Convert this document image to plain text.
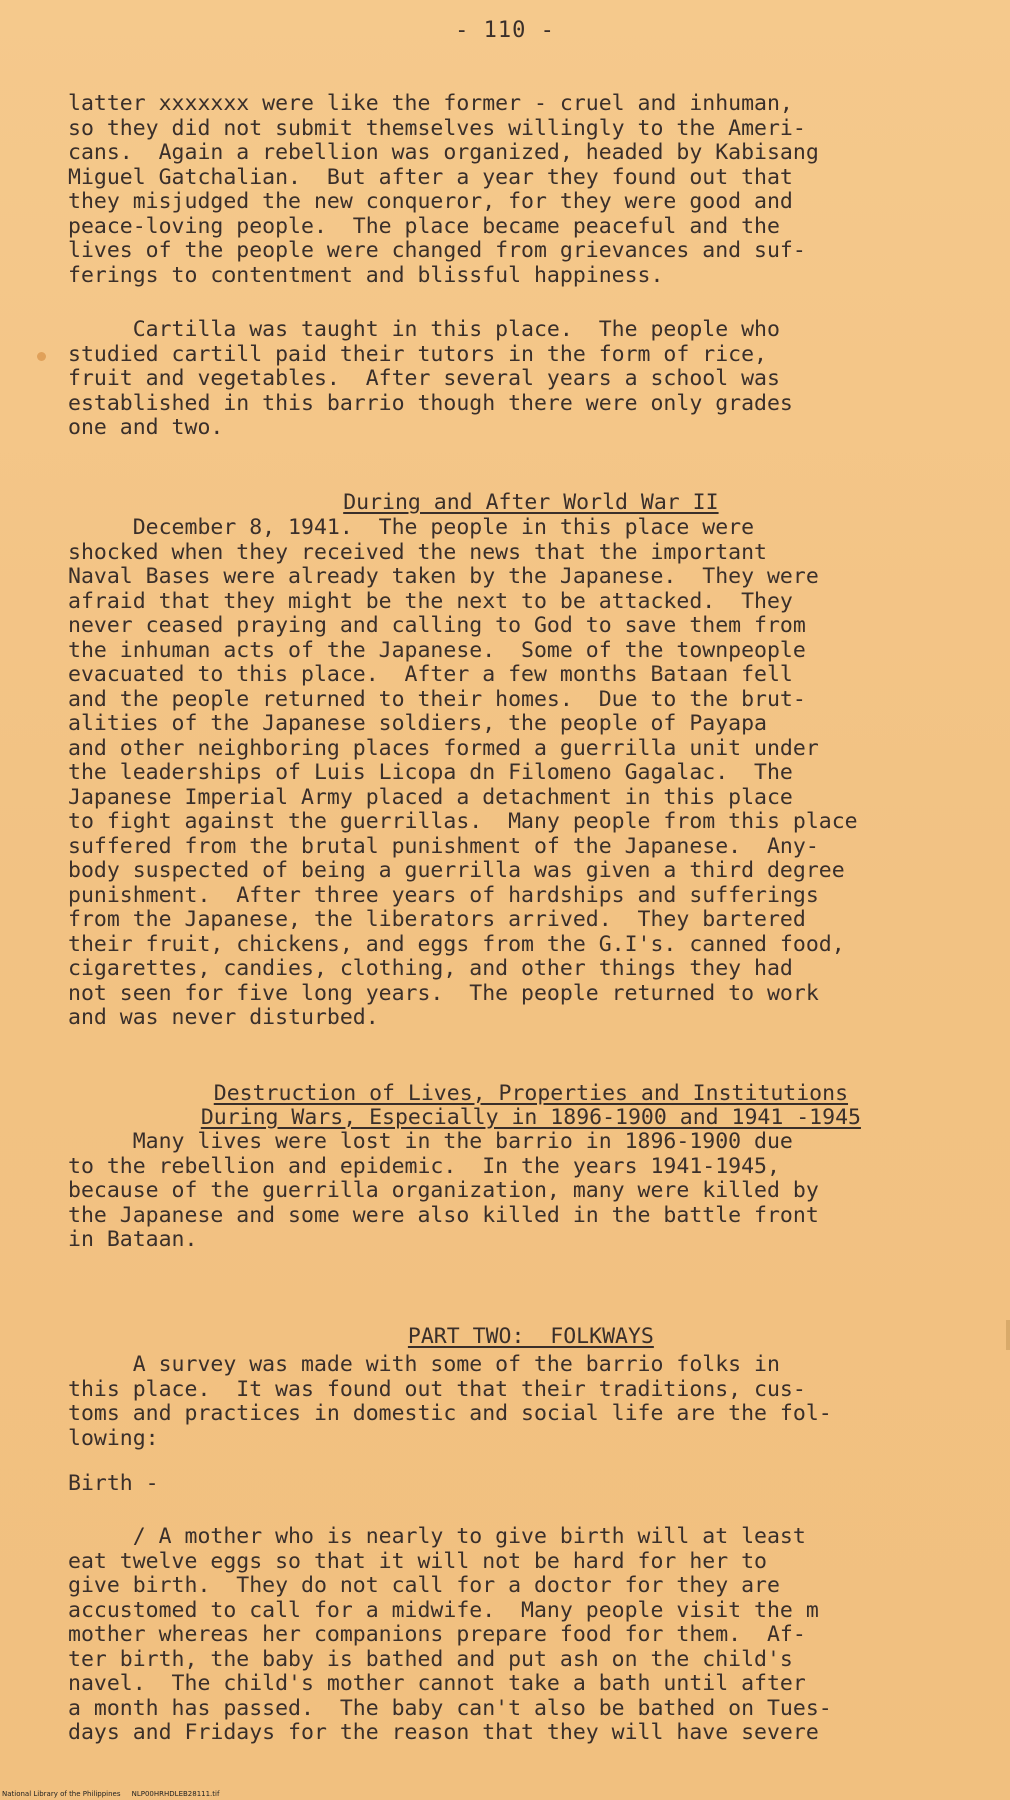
- 110 -
latter xxxxxxx were like the former - cruel and inhuman,
so they did not submit themselves willingly to the Ameri-
cans.  Again a rebellion was organized, headed by Kabisang
Miguel Gatchalian.  But after a year they found out that
they misjudged the new conqueror, for they were good and
peace-loving people.  The place became peaceful and the
lives of the people were changed from grievances and suf-
ferings to contentment and blissful happiness.
Cartilla was taught in this place.  The people who
studied cartill paid their tutors in the form of rice,
fruit and vegetables.  After several years a school was
established in this barrio though there were only grades
one and two.

During and After World War II

December 8, 1941.  The people in this place were
shocked when they received the news that the important
Naval Bases were already taken by the Japanese.  They were
afraid that they might be the next to be attacked.  They
never ceased praying and calling to God to save them from
the inhuman acts of the Japanese.  Some of the townpeople
evacuated to this place.  After a few months Bataan fell
and the people returned to their homes.  Due to the brut-
alities of the Japanese soldiers, the people of Payapa
and other neighboring places formed a guerrilla unit under
the leaderships of Luis Licopa dn Filomeno Gagalac.  The
Japanese Imperial Army placed a detachment in this place
to fight against the guerrillas.  Many people from this place
suffered from the brutal punishment of the Japanese.  Any-
body suspected of being a guerrilla was given a third degree
punishment.  After three years of hardships and sufferings
from the Japanese, the liberators arrived.  They bartered
their fruit, chickens, and eggs from the G.I's. canned food,
cigarettes, candies, clothing, and other things they had
not seen for five long years.  The people returned to work
and was never disturbed.

Destruction of Lives, Properties and Institutions

During Wars, Especially in 1896-1900 and 1941 -1945

Many lives were lost in the barrio in 1896-1900 due
to the rebellion and epidemic.  In the years 1941-1945,
because of the guerrilla organization, many were killed by
the Japanese and some were also killed in the battle front
in Bataan.

PART TWO:  FOLKWAYS

A survey was made with some of the barrio folks in
this place.  It was found out that their traditions, cus-
toms and practices in domestic and social life are the fol-
lowing:
Birth -
/ A mother who is nearly to give birth will at least
eat twelve eggs so that it will not be hard for her to
give birth.  They do not call for a doctor for they are
accustomed to call for a midwife.  Many people visit the m
mother whereas her companions prepare food for them.  Af-
ter birth, the baby is bathed and put ash on the child's
navel.  The child's mother cannot take a bath until after
a month has passed.  The baby can't also be bathed on Tues-
days and Fridays for the reason that they will have severe
National Library of the Philippines     NLP00HRHDLEB28111.tif
